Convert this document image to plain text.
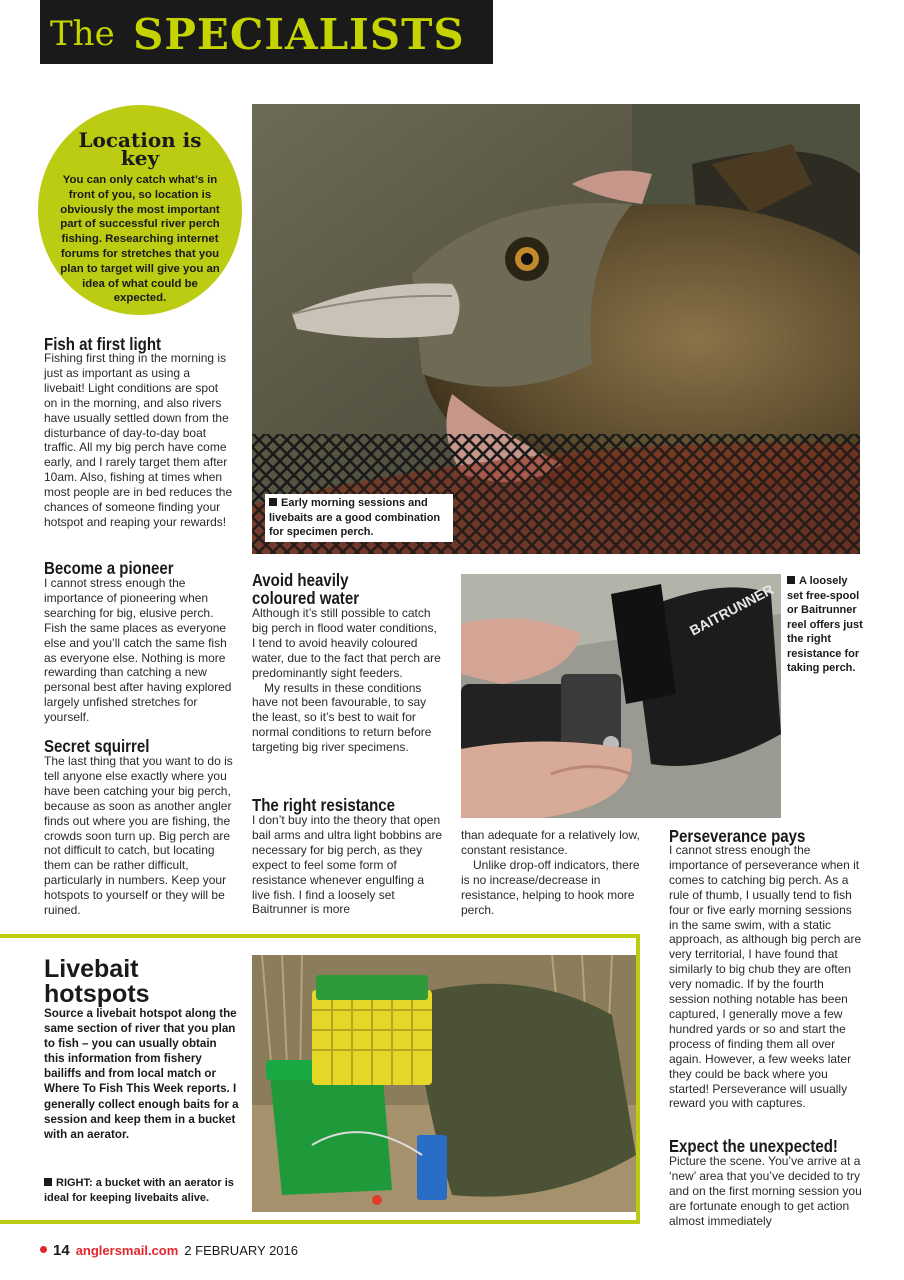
The SPECIALISTS
Location is key
You can only catch what’s in front of you, so location is obviously the most important part of successful river perch fishing. Researching internet forums for stretches that you plan to target will give you an idea of what could be expected.
Early morning sessions and livebaits are a good combination for specimen perch.
Fish at first light

Fishing first thing in the morning is just as important as using a livebait! Light conditions are spot on in the morning, and also rivers have usually settled down from the disturbance of day-to-day boat traffic. All my big perch have come early, and I rarely target them after 10am. Also, fishing at times when most people are in bed reduces the chances of someone finding your hotspot and reaping your rewards!

Become a pioneer

I cannot stress enough the importance of pioneering when searching for big, elusive perch. Fish the same places as everyone else and you’ll catch the same fish as everyone else. Nothing is more rewarding than catching a new personal best after having explored largely unfished stretches for yourself.

Secret squirrel

The last thing that you want to do is tell anyone else exactly where you have been catching your big perch, because as soon as another angler finds out where you are fishing, the crowds soon turn up. Big perch are not difficult to catch, but locating them can be rather difficult, particularly in numbers. Keep your hotspots to yourself or they will be ruined.

Avoid heavily coloured water

Although it’s still possible to catch big perch in flood water conditions, I tend to avoid heavily coloured water, due to the fact that perch are predominantly sight feeders.

My results in these conditions have not been favourable, to say the least, so it’s best to wait for normal conditions to return before targeting big river specimens.

The right resistance

I don’t buy into the theory that open bail arms and ultra light bobbins are necessary for big perch, as they expect to feel some form of resistance whenever engulfing a live fish. I find a loosely set Baitrunner is more

than adequate for a relatively low, constant resistance.

Unlike drop-off indicators, there is no increase/decrease in resistance, helping to hook more perch.

BAITRUNNER
A loosely set free-spool or Baitrunner reel offers just the right resistance for taking perch.
Perseverance pays

I cannot stress enough the importance of perseverance when it comes to catching big perch. As a rule of thumb, I usually tend to fish four or five early morning sessions in the same swim, with a static approach, as although big perch are very territorial, I have found that similarly to big chub they are often very nomadic. If by the fourth session nothing notable has been captured, I generally move a few hundred yards or so and start the process of finding them all over again. However, a few weeks later they could be back where you started! Perseverance will usually reward you with captures.

Expect the unexpected!

Picture the scene. You’ve arrive at a ‘new’ area that you’ve decided to try and on the first morning session you are fortunate enough to get action almost immediately

Livebait hotspots
Source a livebait hotspot along the same section of river that you plan to fish – you can usually obtain this information from fishery bailiffs and from local match or Where To Fish This Week reports. I generally collect enough baits for a session and keep them in a bucket with an aerator.
RIGHT: a bucket with an aerator is ideal for keeping livebaits alive.
14 anglersmail.com 2 FEBRUARY 2016
